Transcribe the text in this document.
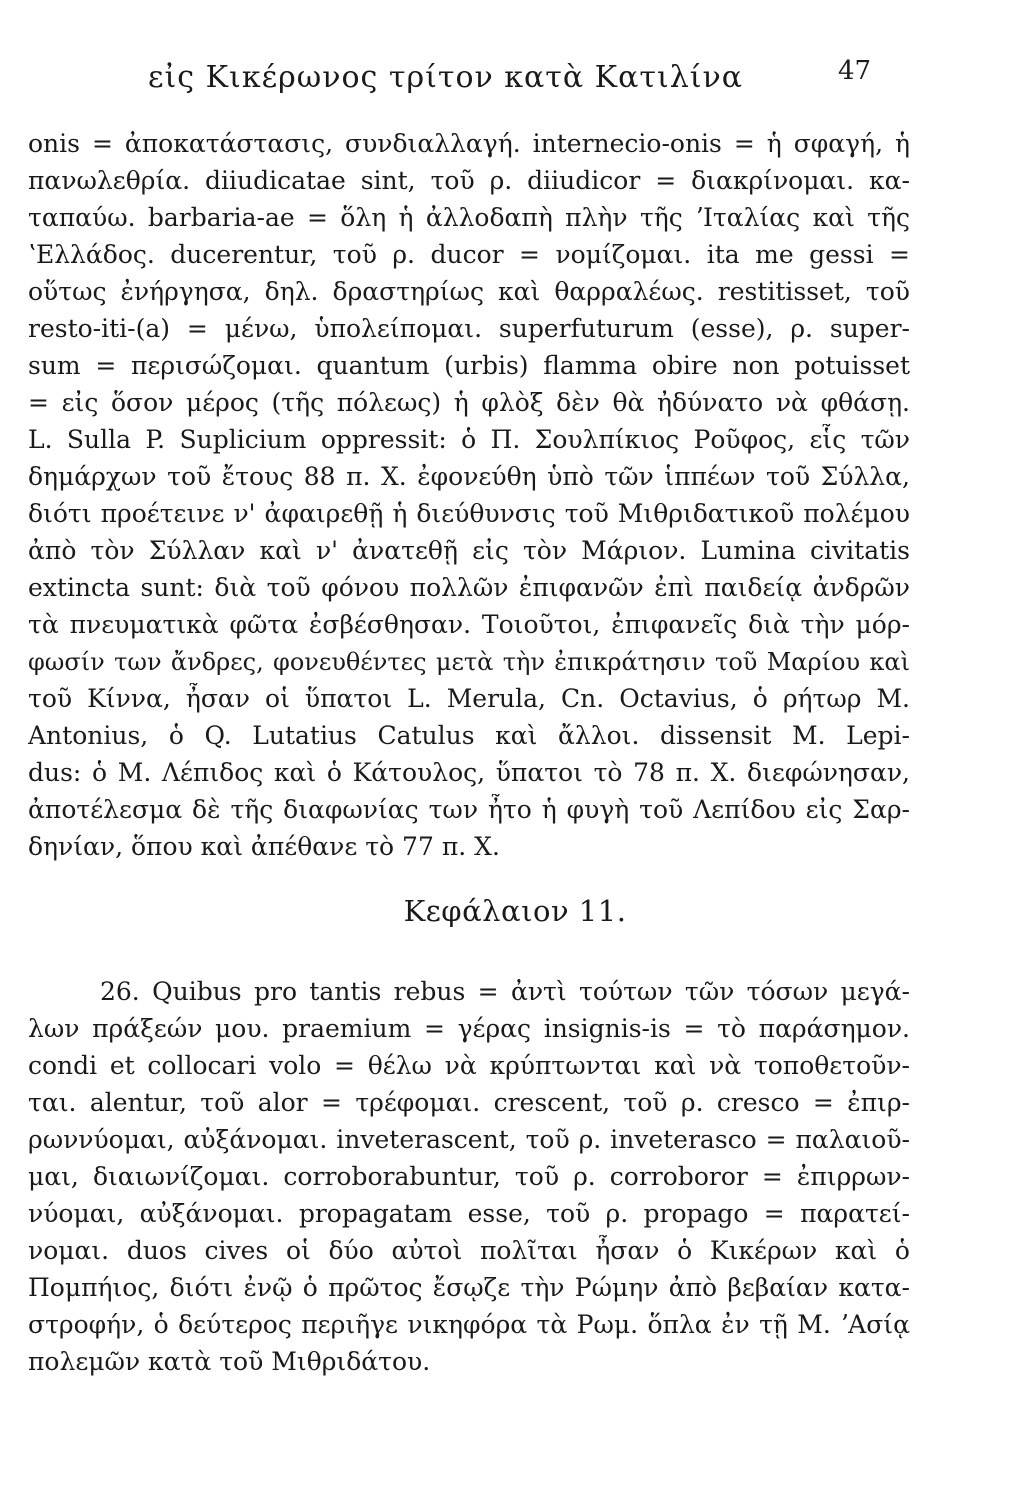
εἰς Κικέρωνος τρίτον κατὰ Κατιλίνα	47
onis = ἀποκατάστασις, συνδιαλλαγή. internecio-onis = ἡ σφαγή, ἡ
πανωλεθρία. diiudicatae sint, τοῦ ρ. diiudicor = διακρίνομαι. κα-
ταπαύω. barbaria-ae = ὅλη ἡ ἀλλοδαπὴ πλὴν τῆς ʼΙταλίας καὶ τῆς
ʽΕλλάδος. ducerentur, τοῦ ρ. ducor = νομίζομαι. ita me gessi =
οὕτως ἐνήργησα, δηλ. δραστηρίως καὶ θαρραλέως. restitisset, τοῦ
resto-iti-(a) = μένω, ὑπολείπομαι. superfuturum (esse), ρ. super-
sum = περισώζομαι. quantum (urbis) flamma obire non potuisset
= εἰς ὅσον μέρος (τῆς πόλεως) ἡ φλὸξ δὲν θὰ ἠδύνατο νὰ φθάσῃ.
L. Sulla P. Suplicium oppressit: ὁ Π. Σουλπίκιος Ροῦφος, εἷς τῶν
δημάρχων τοῦ ἔτους 88 π. Χ. ἐφονεύθη ὑπὸ τῶν ἱππέων τοῦ Σύλλα,
διότι προέτεινε ν' ἀφαιρεθῇ ἡ διεύθυνσις τοῦ Μιθριδατικοῦ πολέμου
ἀπὸ τὸν Σύλλαν καὶ ν' ἀνατεθῇ εἰς τὸν Μάριον. Lumina civitatis
extincta sunt: διὰ τοῦ φόνου πολλῶν ἐπιφανῶν ἐπὶ παιδείᾳ ἀνδρῶν
τὰ πνευματικὰ φῶτα ἐσβέσθησαν. Τοιοῦτοι, ἐπιφανεῖς διὰ τὴν μόρ-
φωσίν των ἄνδρες, φονευθέντες μετὰ τὴν ἐπικράτησιν τοῦ Μαρίου καὶ
τοῦ Κίννα, ἦσαν οἱ ὕπατοι L. Merula, Cn. Octavius, ὁ ρήτωρ Μ.
Antonius, ὁ Q. Lutatius Catulus καὶ ἄλλοι. dissensit M. Lepi-
dus: ὁ Μ. Λέπιδος καὶ ὁ Κάτουλος, ὕπατοι τὸ 78 π. Χ. διεφώνησαν,
ἀποτέλεσμα δὲ τῆς διαφωνίας των ἦτο ἡ φυγὴ τοῦ Λεπίδου εἰς Σαρ-
δηνίαν, ὅπου καὶ ἀπέθανε τὸ 77 π. Χ.
Κεφάλαιον 11.
26. Quibus pro tantis rebus = ἀντὶ τούτων τῶν τόσων μεγά-
λων πράξεών μου. praemium = γέρας insignis-is = τὸ παράσημον.
condi et collocari volo = θέλω νὰ κρύπτωνται καὶ νὰ τοποθετοῦν-
ται. alentur, τοῦ alor = τρέφομαι. crescent, τοῦ ρ. cresco = ἐπιρ-
ρωννύομαι, αὐξάνομαι. inveterascent, τοῦ ρ. inveterasco = παλαιοῦ-
μαι, διαιωνίζομαι. corroborabuntur, τοῦ ρ. corroboror = ἐπιρρων-
νύομαι, αὐξάνομαι. propagatam esse, τοῦ ρ. propago = παρατεί-
νομαι. duos cives οἱ δύο αὐτοὶ πολῖται ἦσαν ὁ Κικέρων καὶ ὁ
Πομπήιος, διότι ἐνῷ ὁ πρῶτος ἔσῳζε τὴν Ρώμην ἀπὸ βεβαίαν κατα-
στροφήν, ὁ δεύτερος περιῆγε νικηφόρα τὰ Ρωμ. ὅπλα ἐν τῇ Μ. ʼΑσίᾳ
πολεμῶν κατὰ τοῦ Μιθριδάτου.
